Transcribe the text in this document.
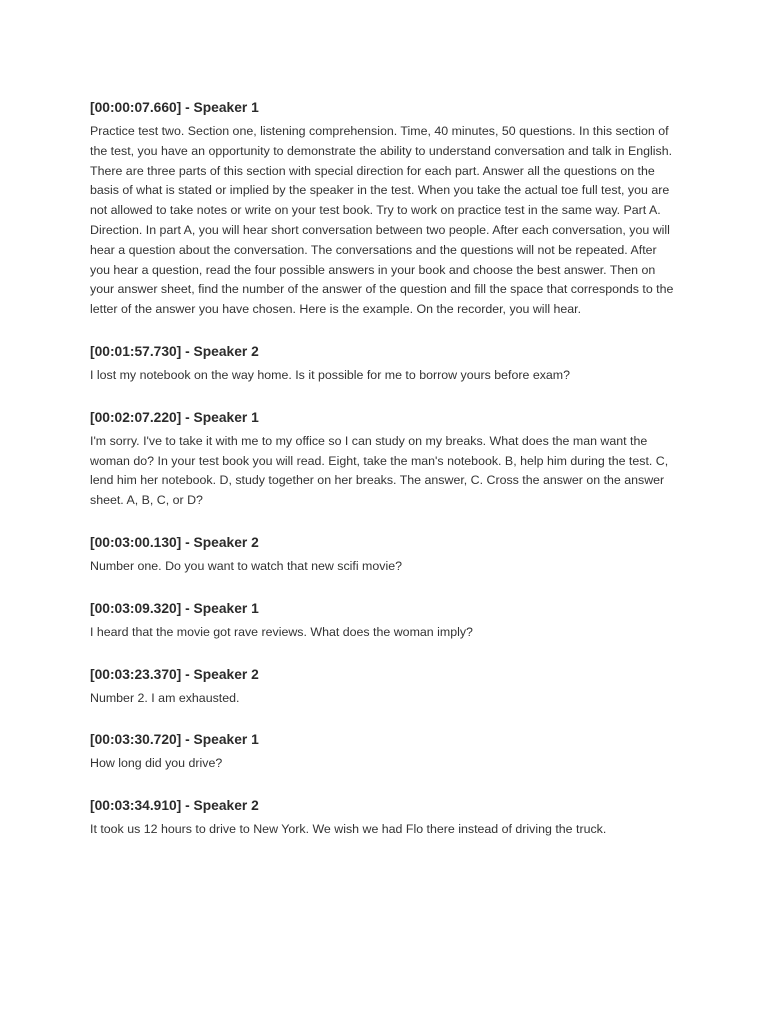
[00:00:07.660] - Speaker 1

Practice test two. Section one, listening comprehension. Time, 40 minutes, 50 questions. In this section of the test, you have an opportunity to demonstrate the ability to understand conversation and talk in English. There are three parts of this section with special direction for each part. Answer all the questions on the basis of what is stated or implied by the speaker in the test. When you take the actual toe full test, you are not allowed to take notes or write on your test book. Try to work on practice test in the same way. Part A. Direction. In part A, you will hear short conversation between two people. After each conversation, you will hear a question about the conversation. The conversations and the questions will not be repeated. After you hear a question, read the four possible answers in your book and choose the best answer. Then on your answer sheet, find the number of the answer of the question and fill the space that corresponds to the letter of the answer you have chosen. Here is the example. On the recorder, you will hear.

[00:01:57.730] - Speaker 2

I lost my notebook on the way home. Is it possible for me to borrow yours before exam?

[00:02:07.220] - Speaker 1

I'm sorry. I've to take it with me to my office so I can study on my breaks. What does the man want the woman do? In your test book you will read. Eight, take the man's notebook. B, help him during the test. C, lend him her notebook. D, study together on her breaks. The answer, C. Cross the answer on the answer sheet. A, B, C, or D?

[00:03:00.130] - Speaker 2

Number one. Do you want to watch that new scifi movie?

[00:03:09.320] - Speaker 1

I heard that the movie got rave reviews. What does the woman imply?

[00:03:23.370] - Speaker 2

Number 2. I am exhausted.

[00:03:30.720] - Speaker 1

How long did you drive?

[00:03:34.910] - Speaker 2

It took us 12 hours to drive to New York. We wish we had Flo there instead of driving the truck.
